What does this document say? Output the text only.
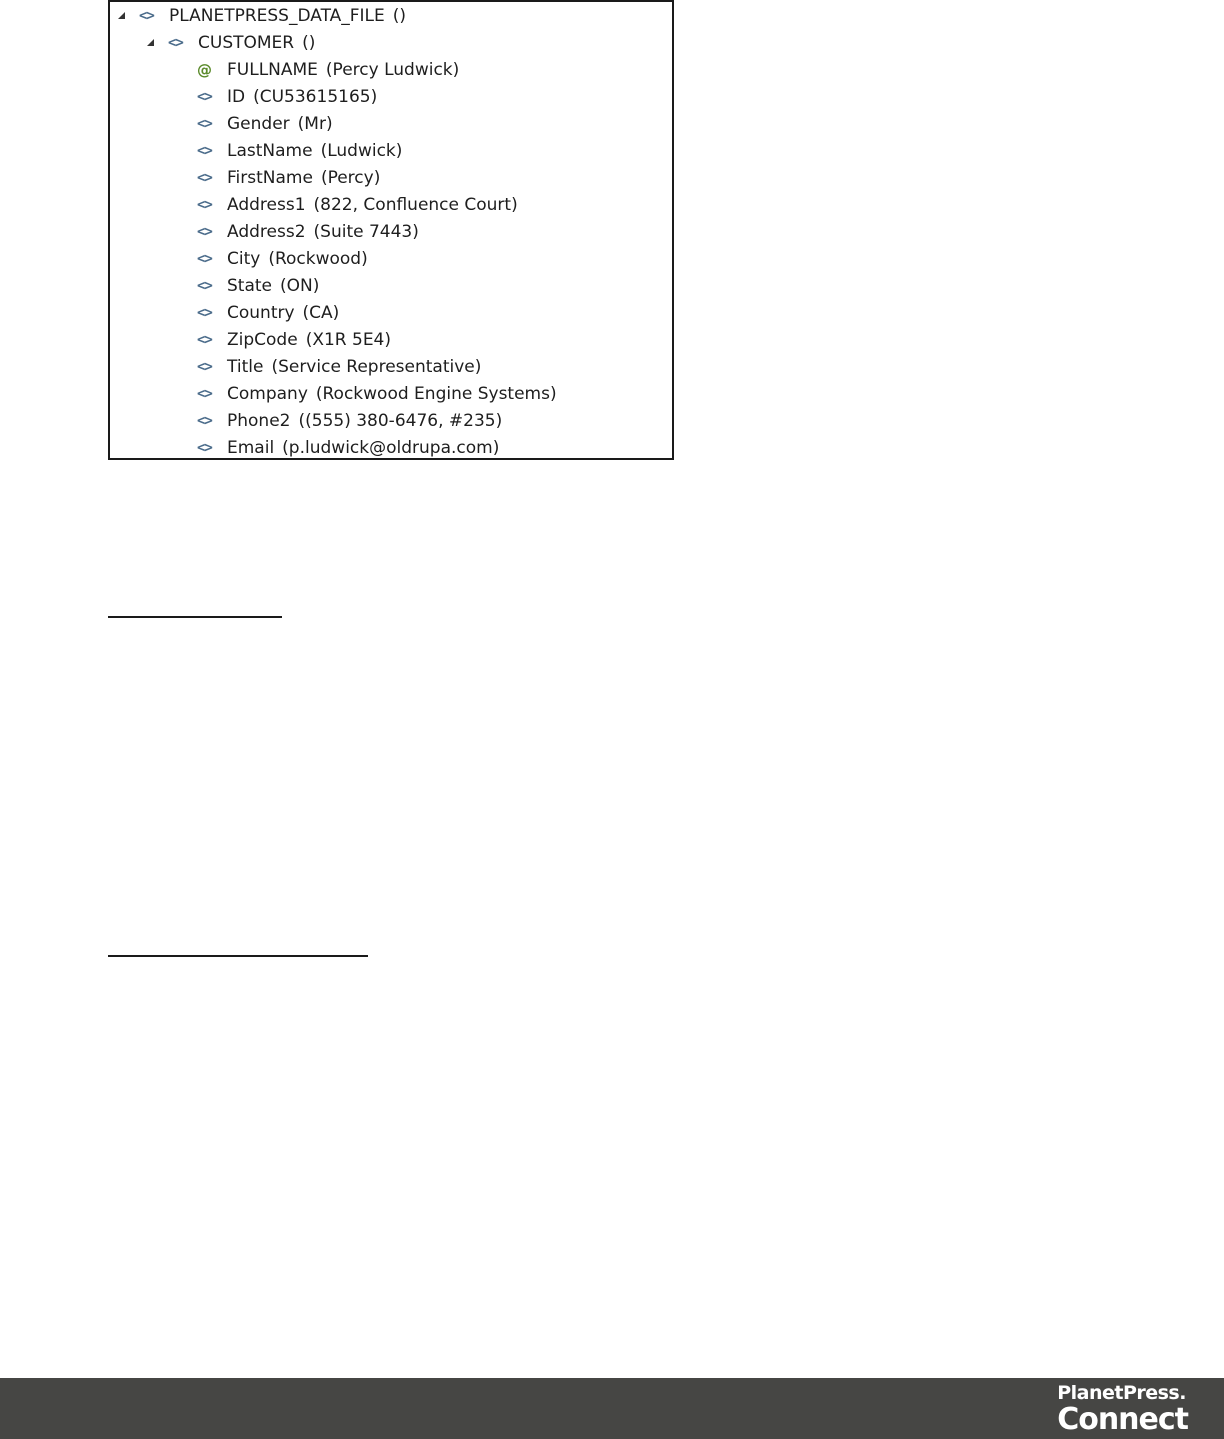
<> PLANETPRESS_DATA_FILE ()
<> CUSTOMER ()
@ FULLNAME (Percy Ludwick)
<> ID (CU53615165)
<> Gender (Mr)
<> LastName (Ludwick)
<> FirstName (Percy)
<> Address1 (822, Confluence Court)
<> Address2 (Suite 7443)
<> City (Rockwood)
<> State (ON)
<> Country (CA)
<> ZipCode (X1R 5E4)
<> Title (Service Representative)
<> Company (Rockwood Engine Systems)
<> Phone2 ((555) 380-6476, #235)
<> Email (p.ludwick@oldrupa.com)
PlanetPress.
Connect
